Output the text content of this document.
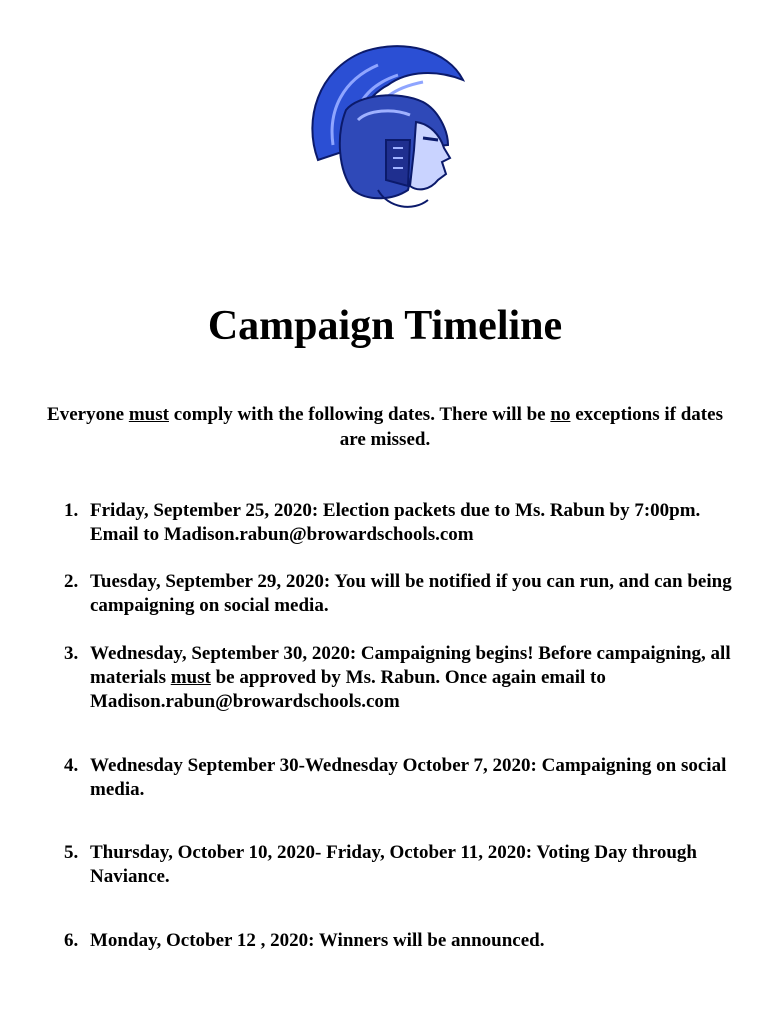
Campaign Timeline
Everyone must comply with the following dates. There will be no exceptions if dates are missed.
1. Friday, September 25, 2020: Election packets due to Ms. Rabun by 7:00pm. Email to Madison.rabun@browardschools.com
2. Tuesday, September 29, 2020: You will be notified if you can run, and can being campaigning on social media.
3. Wednesday, September 30, 2020: Campaigning begins! Before campaigning, all materials must be approved by Ms. Rabun. Once again email to Madison.rabun@browardschools.com
4. Wednesday September 30-Wednesday October 7, 2020: Campaigning on social media.
5. Thursday, October 10, 2020- Friday, October 11, 2020: Voting Day through Naviance.
6. Monday, October 12 , 2020: Winners will be announced.
